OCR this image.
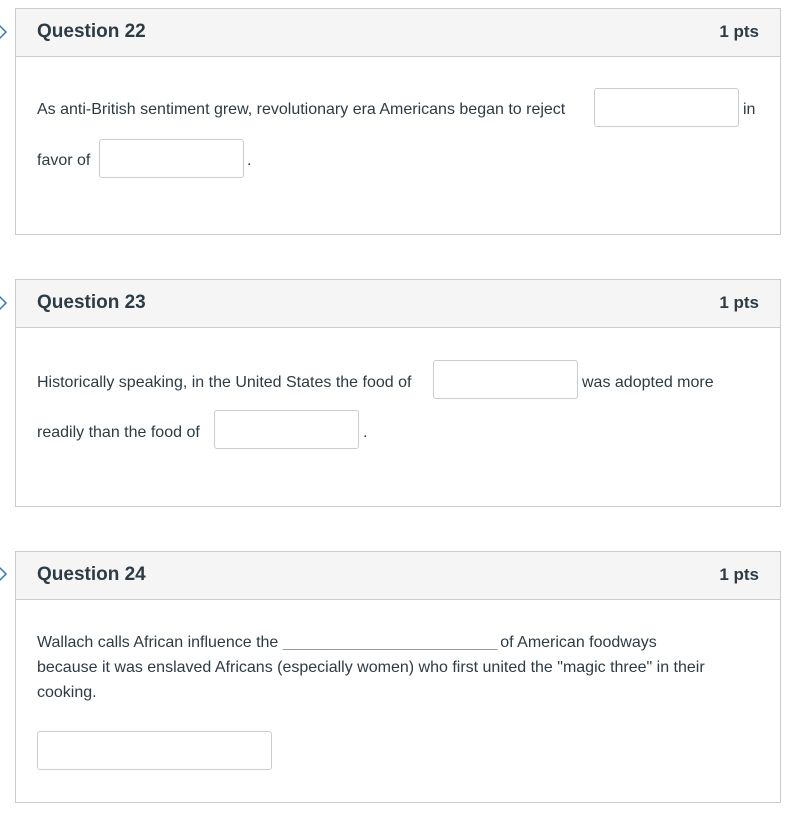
Question 22	1 pts
As anti-British sentiment grew, revolutionary era Americans began to reject	in
favor of	.
Question 23	1 pts
Historically speaking, in the United States the food of	was adopted more
readily than the food of	.
Question 24	1 pts
Wallach calls African influence the ___________________________________ of American foodways
because it was enslaved Africans (especially women) who first united the "magic three" in their
cooking.
